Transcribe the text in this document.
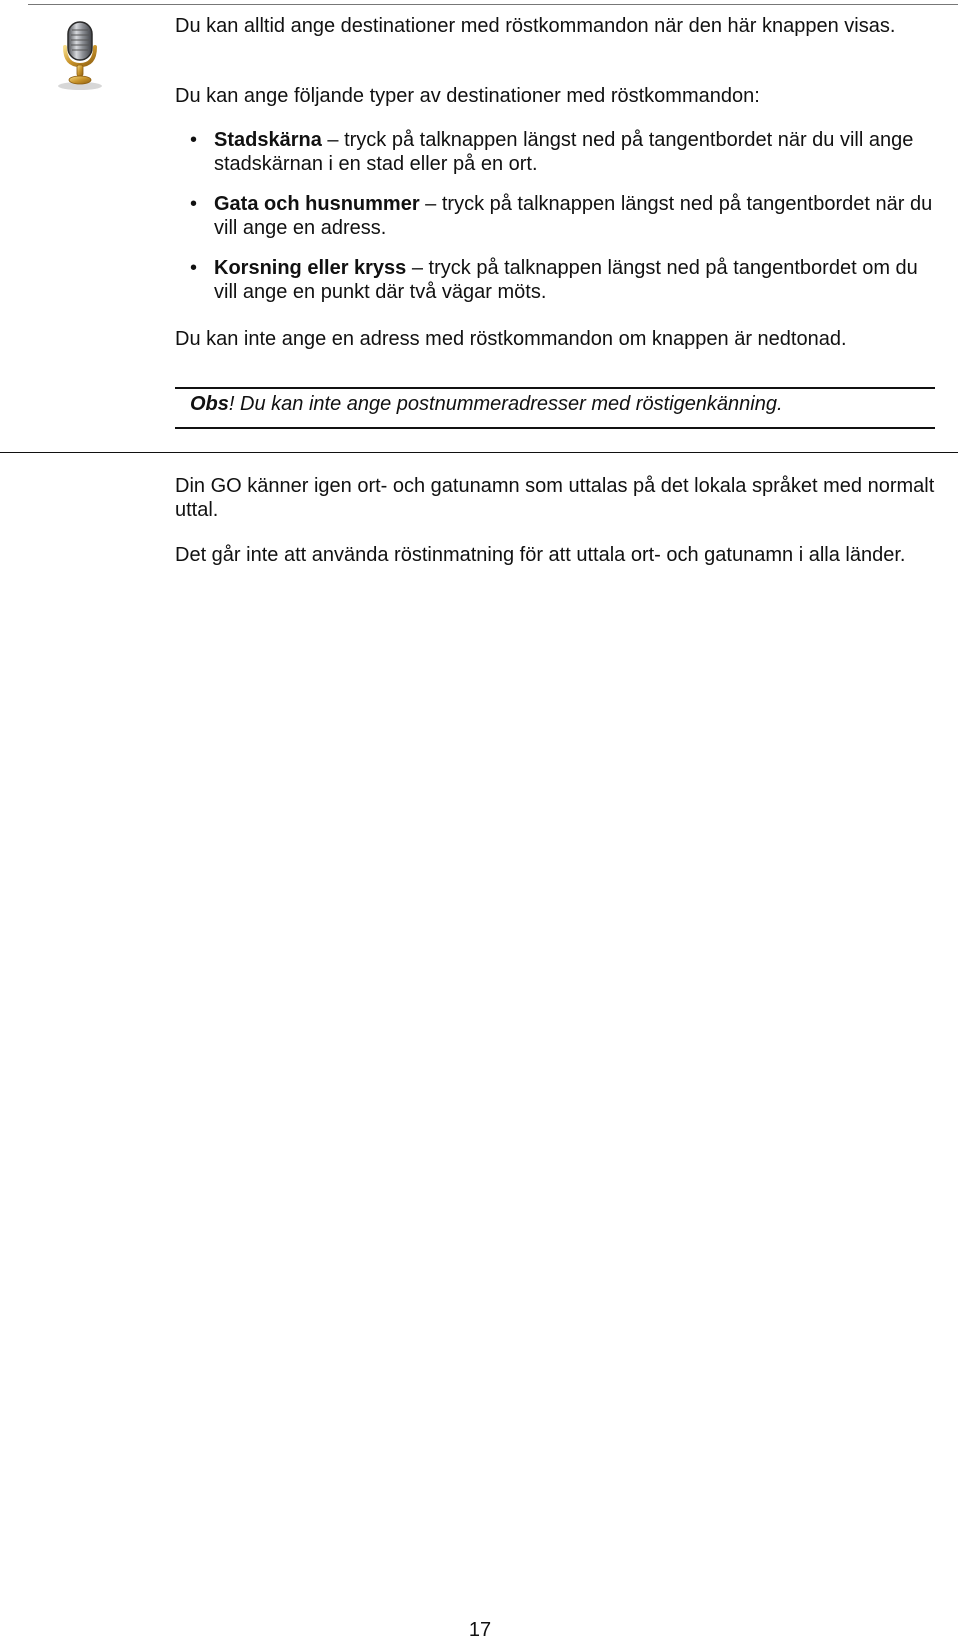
Du kan alltid ange destinationer med röstkommandon när den här knappen visas.
Du kan ange följande typer av destinationer med röstkommandon:
• Stadskärna – tryck på talknappen längst ned på tangentbordet när du vill ange stadskärnan i en stad eller på en ort.
• Gata och husnummer – tryck på talknappen längst ned på tangentbordet när du vill ange en adress.
• Korsning eller kryss – tryck på talknappen längst ned på tangentbordet om du vill ange en punkt där två vägar möts.
Du kan inte ange en adress med röstkommandon om knappen är nedtonad.
Obs! Du kan inte ange postnummeradresser med röstigenkänning.
Din GO känner igen ort- och gatunamn som uttalas på det lokala språket med normalt uttal.
Det går inte att använda röstinmatning för att uttala ort- och gatunamn i alla länder.
17
